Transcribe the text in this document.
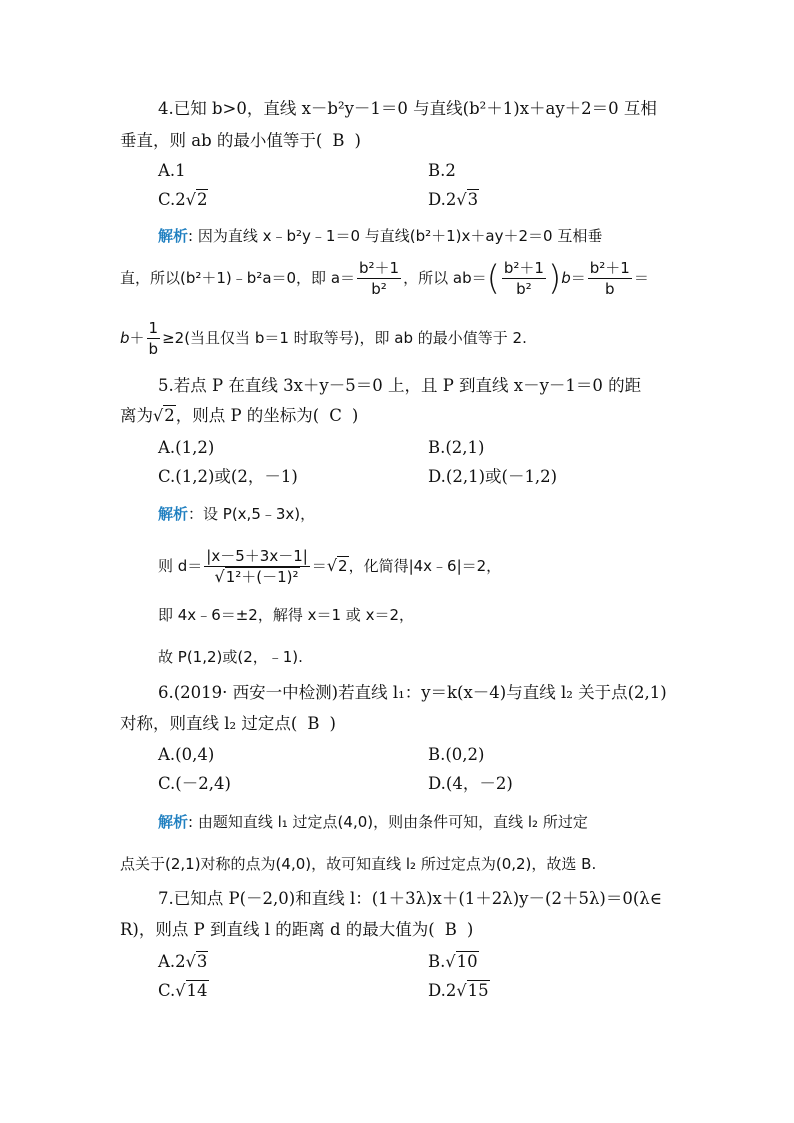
4.已知 b>0，直线 x－b²y－1＝0 与直线(b²＋1)x＋ay＋2＝0 互相
垂直，则 ab 的最小值等于( B )
A.1	B.2
C.2√2	D.2√3
解析: 因为直线 x﹣b²y﹣1＝0 与直线(b²＋1)x＋ay＋2＝0 互相垂
直，所以(b²＋1)﹣b²a＝0，即 $a= \frac{\text{b²＋1}}{\text{b²}}$ ，所以 $ab=( \frac{\text{b²＋1}}{\text{b²}} )b= \frac{\text{b²＋1}}{b}$ ＝
$b+ \frac{1}{b} \ge 2$(当且仅当 b＝1 时取等号)，即 ab 的最小值等于 2.
5.若点 P 在直线 3x＋y－5＝0 上，且 P 到直线 x－y－1＝0 的距
离为√2，则点 P 的坐标为( C )
A.(1,2)	B.(2,1)
C.(1,2)或(2，－1)	D.(2,1)或(－1,2)
解析：设 P(x,5﹣3x)，
则 $d= \frac{|x-5+3x-1|}{\text{√1²＋(－1)²}} =√2$，化简得|4x﹣6|＝2，
即 4x﹣6＝±2，解得 x＝1 或 x＝2，
故 P(1,2)或(2，﹣1).
6.(2019· 西安一中检测)若直线 l₁：y＝k(x－4)与直线 l₂ 关于点(2,1)
对称，则直线 l₂ 过定点( B )
A.(0,4)	B.(0,2)
C.(－2,4)	D.(4，－2)
解析: 由题知直线 l₁ 过定点(4,0)，则由条件可知，直线 l₂ 所过定
点关于(2,1)对称的点为(4,0)，故可知直线 l₂ 所过定点为(0,2)，故选 B.
7.已知点 P(－2,0)和直线 l：(1＋3λ)x＋(1＋2λ)y－(2＋5λ)＝0(λ∈
R)，则点 P 到直线 l 的距离 d 的最大值为( B )
A.2√3	B.√10
C.√14	D.2√15
